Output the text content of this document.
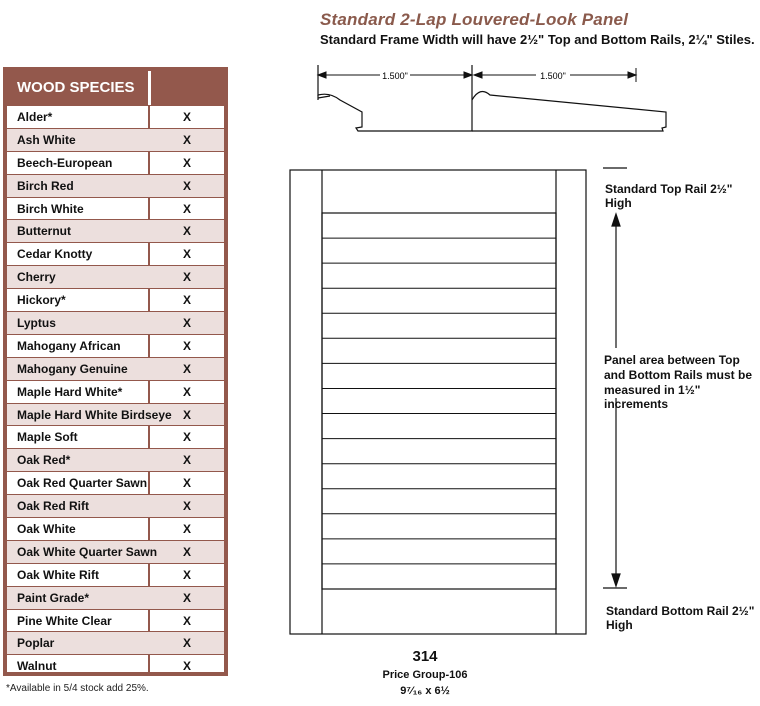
Standard 2-Lap Louvered-Look Panel
Standard Frame Width will have 2½" Top and Bottom Rails, 2¼" Stiles.
WOOD SPECIES
Alder*	X
Ash White	X
Beech-European	X
Birch Red	X
Birch White	X
Butternut	X
Cedar Knotty	X
Cherry	X
Hickory*	X
Lyptus	X
Mahogany African	X
Mahogany Genuine	X
Maple Hard White*	X
Maple Hard White Birdseye X
Maple Soft	X
Oak Red*	X
Oak Red Quarter Sawn	X
Oak Red Rift	X
Oak White	X
Oak White Quarter Sawn	X
Oak White Rift	X
Paint Grade*	X
Pine White Clear	X
Poplar	X
Walnut	X
*Available in 5/4 stock add 25%.
1.500"	1.500"
Standard Top Rail 2½" High
Panel area between Top
and Bottom Rails must be
measured in 1½" increments
Standard Bottom Rail 2½" High
314
Price Group-106
9⁷⁄₁₆ x 6½
